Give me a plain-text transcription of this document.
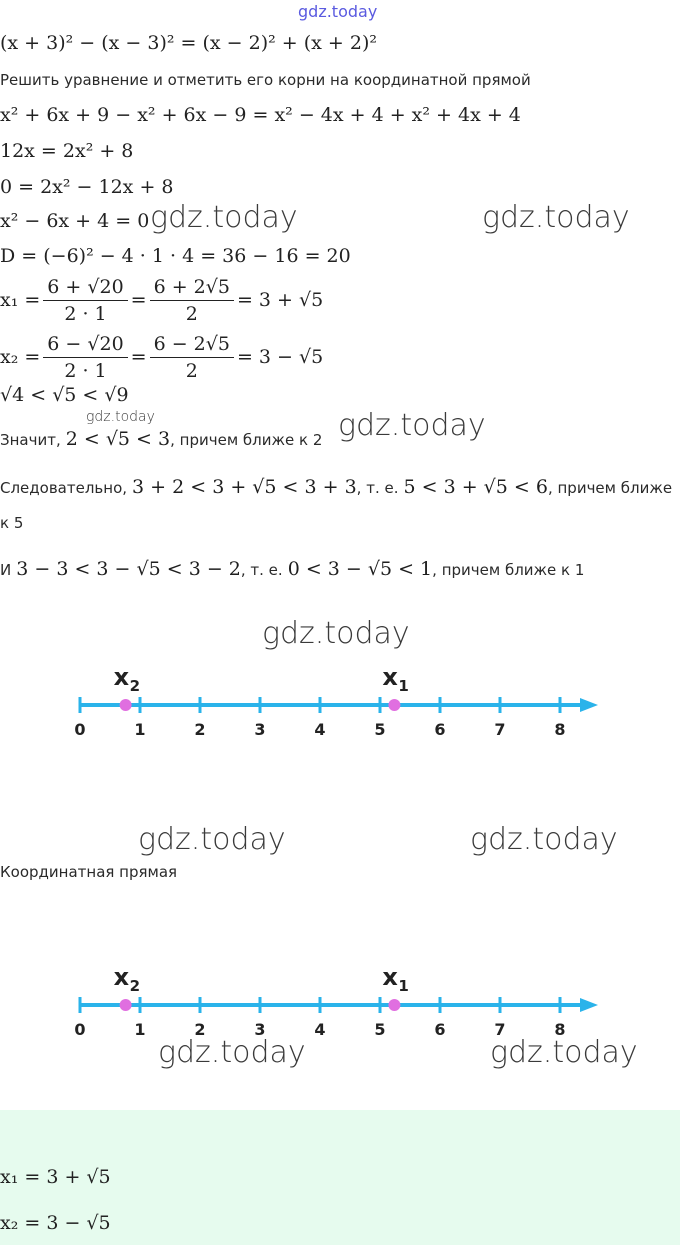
gdz.today
(x + 3)² − (x − 3)² = (x − 2)² + (x + 2)²
Решить уравнение и отметить его корни на координатной прямой
x² + 6x + 9 − x² + 6x − 9 = x² − 4x + 4 + x² + 4x + 4
12x = 2x² + 8
0 = 2x² − 12x + 8
x² − 6x + 4 = 0 gdz.today	gdz.today
D = (−6)² − 4 · 1 · 4 = 36 − 16 = 20
$x_1 = \frac{6 + √20}{2 \cdot 1} = \frac{6 + 2√5}{2} = 3 + √5$
$x_2 = \frac{6 - √20}{2 \cdot 1} = \frac{6 - 2√5}{2} = 3 - √5$
√4 < √5 < √9
gdz.today
Значит, 2 < √5 < 3 , причем ближе к 2 gdz.today
Следовательно, 3 + 2 < 3 + √5 < 3 + 3 , т. е. 5 < 3 + √5 < 6 , причем ближе
к 5
И 3 − 3 < 3 − √5 < 3 − 2 , т. е. 0 < 3 − √5 < 1 , причем ближе к 1
gdz.today
0	1	2	3	4	5	6	7	8
x 2	x 1
gdz.today	gdz.today
Координатная прямая
0	1	2	3	4	5	6	7	8
x 2	x 1
gdz.today	gdz.today
x₁ = 3 + √5
x₂ = 3 − √5
